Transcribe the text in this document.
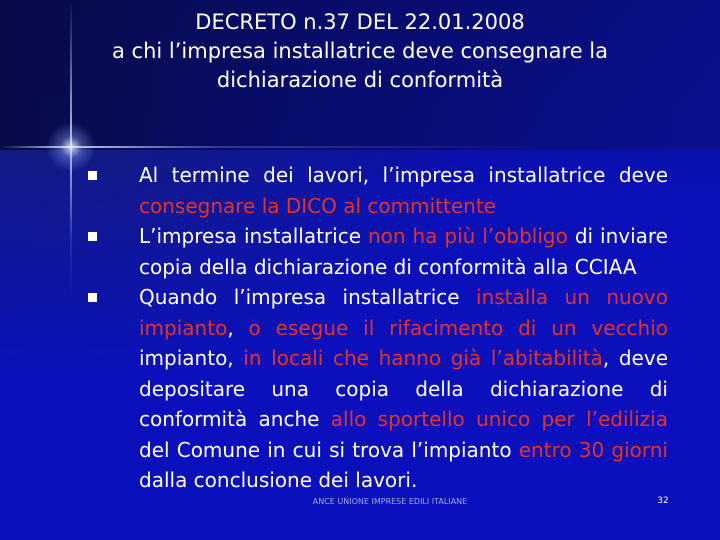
DECRETO n.37 DEL 22.01.2008
a chi l’impresa installatrice deve consegnare la
dichiarazione di conformità
Al termine dei lavori, l’impresa installatrice deve consegnare la DICO al committente
L’impresa installatrice non ha più l’obbligo di inviare copia della dichiarazione di conformità alla CCIAA
Quando l’impresa installatrice installa un nuovo impianto, o esegue il rifacimento di un vecchio impianto, in locali che hanno già l’abitabilità, deve depositare una copia della dichiarazione di conformità anche allo sportello unico per l’edilizia del Comune in cui si trova l’impianto entro 30 giorni dalla conclusione dei lavori.
ANCE UNIONE IMPRESE EDILI ITALIANE	32
